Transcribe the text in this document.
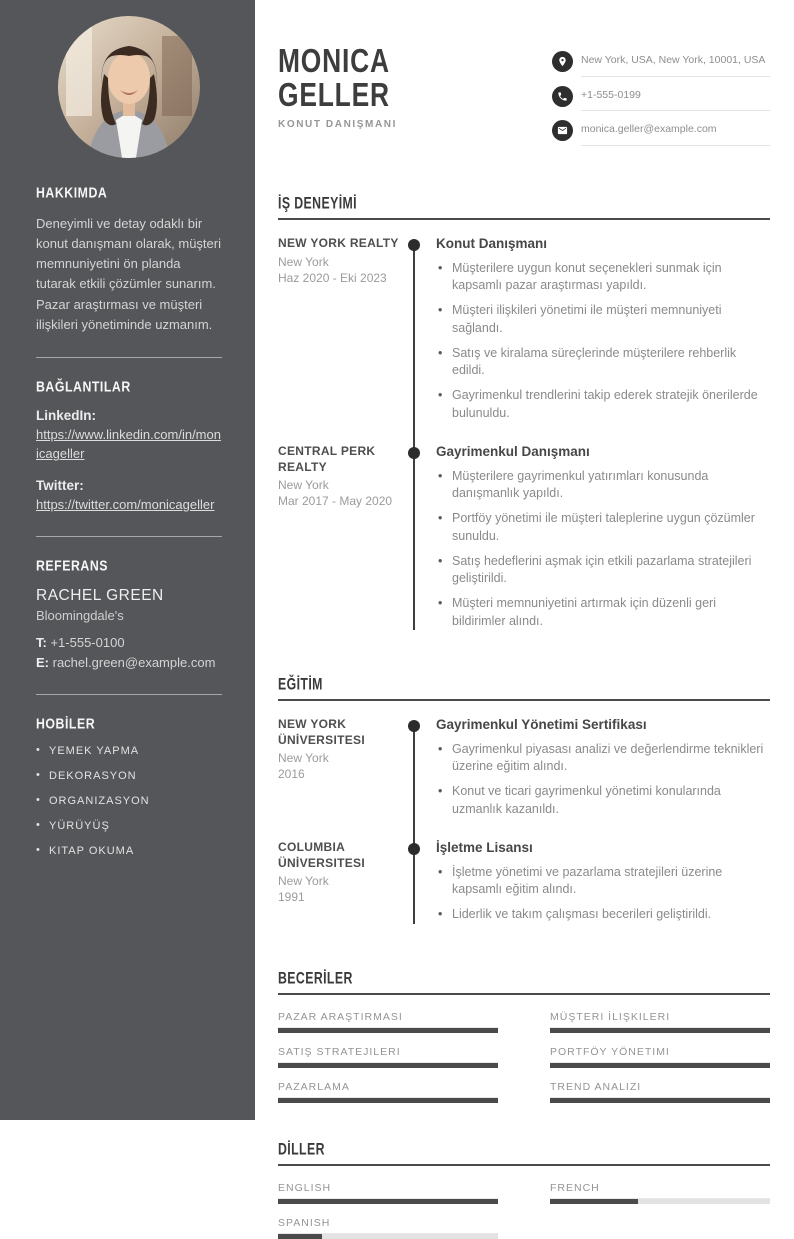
HAKKIMDA
Deneyimli ve detay odaklı bir konut danışmanı olarak, müşteri memnuniyetini ön planda tutarak etkili çözümler sunarım. Pazar araştırması ve müşteri ilişkileri yönetiminde uzmanım.
BAĞLANTILAR
LinkedIn:
https://www.linkedin.com/in/monicageller
Twitter:
https://twitter.com/monicageller
REFERANS
RACHEL GREEN
Bloomingdale's
T: +1-555-0100
E: rachel.green@example.com
HOBİLER
• YEMEK YAPMA
• DEKORASYON
• ORGANIZASYON
• YÜRÜYÜŞ
• KITAP OKUMA
MONICA
GELLER
KONUT DANIŞMANI
New York, USA, New York, 10001, USA
+1-555-0199
monica.geller@example.com
İŞ DENEYİMİ
NEW YORK REALTY
New York
Haz 2020 - Eki 2023
Konut Danışmanı
• Müşterilere uygun konut seçenekleri sunmak için kapsamlı pazar araştırması yapıldı.
• Müşteri ilişkileri yönetimi ile müşteri memnuniyeti sağlandı.
• Satış ve kiralama süreçlerinde müşterilere rehberlik edildi.
• Gayrimenkul trendlerini takip ederek stratejik önerilerde bulunuldu.
CENTRAL PERK REALTY
New York
Mar 2017 - May 2020
Gayrimenkul Danışmanı
• Müşterilere gayrimenkul yatırımları konusunda danışmanlık yapıldı.
• Portföy yönetimi ile müşteri taleplerine uygun çözümler sunuldu.
• Satış hedeflerini aşmak için etkili pazarlama stratejileri geliştirildi.
• Müşteri memnuniyetini artırmak için düzenli geri bildirimler alındı.
EĞİTİM
NEW YORK ÜNİVERSITESI
New York
2016
Gayrimenkul Yönetimi Sertifikası
• Gayrimenkul piyasası analizi ve değerlendirme teknikleri üzerine eğitim alındı.
• Konut ve ticari gayrimenkul yönetimi konularında uzmanlık kazanıldı.
COLUMBIA ÜNİVERSITESI
New York
1991
İşletme Lisansı
• İşletme yönetimi ve pazarlama stratejileri üzerine kapsamlı eğitim alındı.
• Liderlik ve takım çalışması becerileri geliştirildi.
BECERİLER
PAZAR ARAŞTIRMASI	MÜŞTERI İLIŞKILERI
SATIŞ STRATEJILERI	PORTFÖY YÖNETIMI
PAZARLAMA	TREND ANALIZI
DİLLER
ENGLISH	FRENCH
SPANISH
